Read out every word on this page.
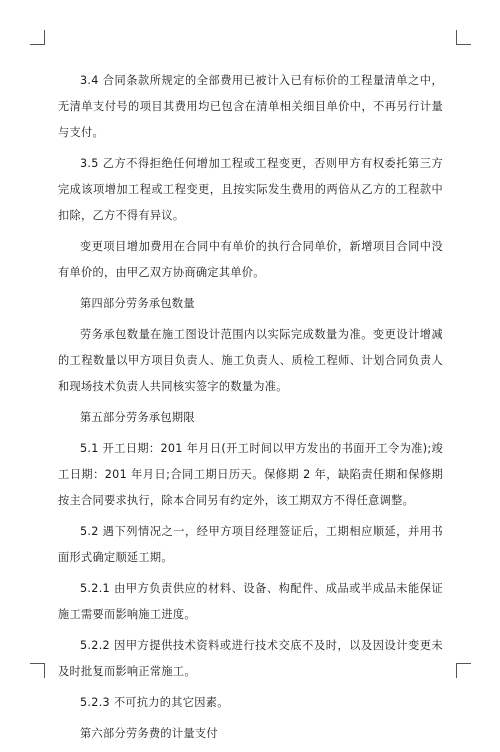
3.4 合同条款所规定的全部费用已被计入已有标价的工程量清单之中，无清单支付号的项目其费用均已包含在清单相关细目单价中，不再另行计量与支付。

3.5 乙方不得拒绝任何增加工程或工程变更，否则甲方有权委托第三方完成该项增加工程或工程变更，且按实际发生费用的两倍从乙方的工程款中扣除，乙方不得有异议。

变更项目增加费用在合同中有单价的执行合同单价，新增项目合同中没有单价的，由甲乙双方协商确定其单价。

第四部分劳务承包数量

劳务承包数量在施工图设计范围内以实际完成数量为准。变更设计增减的工程数量以甲方项目负责人、施工负责人、质检工程师、计划合同负责人和现场技术负责人共同核实签字的数量为准。

第五部分劳务承包期限

5.1 开工日期：201 年月日(开工时间以甲方发出的书面开工令为准);竣工日期：201 年月日;合同工期日历天。保修期 2 年，缺陷责任期和保修期按主合同要求执行，除本合同另有约定外，该工期双方不得任意调整。

5.2 遇下列情况之一，经甲方项目经理签证后，工期相应顺延，并用书面形式确定顺延工期。

5.2.1 由甲方负责供应的材料、设备、构配件、成品或半成品未能保证施工需要而影响施工进度。

5.2.2 因甲方提供技术资料或进行技术交底不及时，以及因设计变更未及时批复而影响正常施工。

5.2.3 不可抗力的其它因素。

第六部分劳务费的计量支付
